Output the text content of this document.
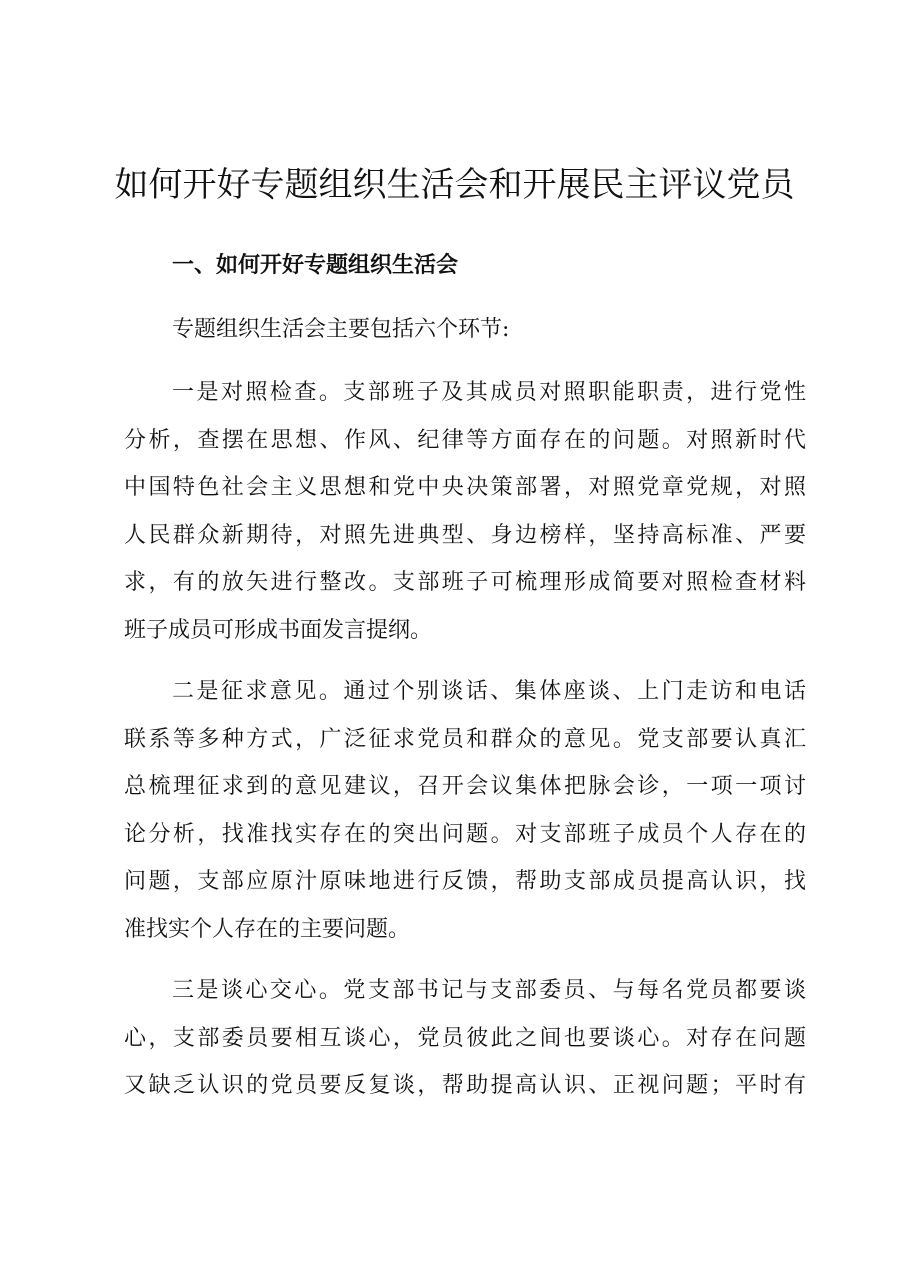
如何开好专题组织生活会和开展民主评议党员
一、如何开好专题组织生活会
专题组织生活会主要包括六个环节:
一是对照检查。支部班子及其成员对照职能职责，进行党性
分析，查摆在思想、作风、纪律等方面存在的问题。对照新时代
中国特色社会主义思想和党中央决策部署，对照党章党规，对照
人民群众新期待，对照先进典型、身边榜样，坚持高标准、严要
求，有的放矢进行整改。支部班子可梳理形成简要对照检查材料
班子成员可形成书面发言提纲。
二是征求意见。通过个别谈话、集体座谈、上门走访和电话
联系等多种方式，广泛征求党员和群众的意见。党支部要认真汇
总梳理征求到的意见建议，召开会议集体把脉会诊，一项一项讨
论分析，找准找实存在的突出问题。对支部班子成员个人存在的
问题，支部应原汁原味地进行反馈，帮助支部成员提高认识，找
准找实个人存在的主要问题。
三是谈心交心。党支部书记与支部委员、与每名党员都要谈
心，支部委员要相互谈心，党员彼此之间也要谈心。对存在问题
又缺乏认识的党员要反复谈，帮助提高认识、正视问题；平时有
